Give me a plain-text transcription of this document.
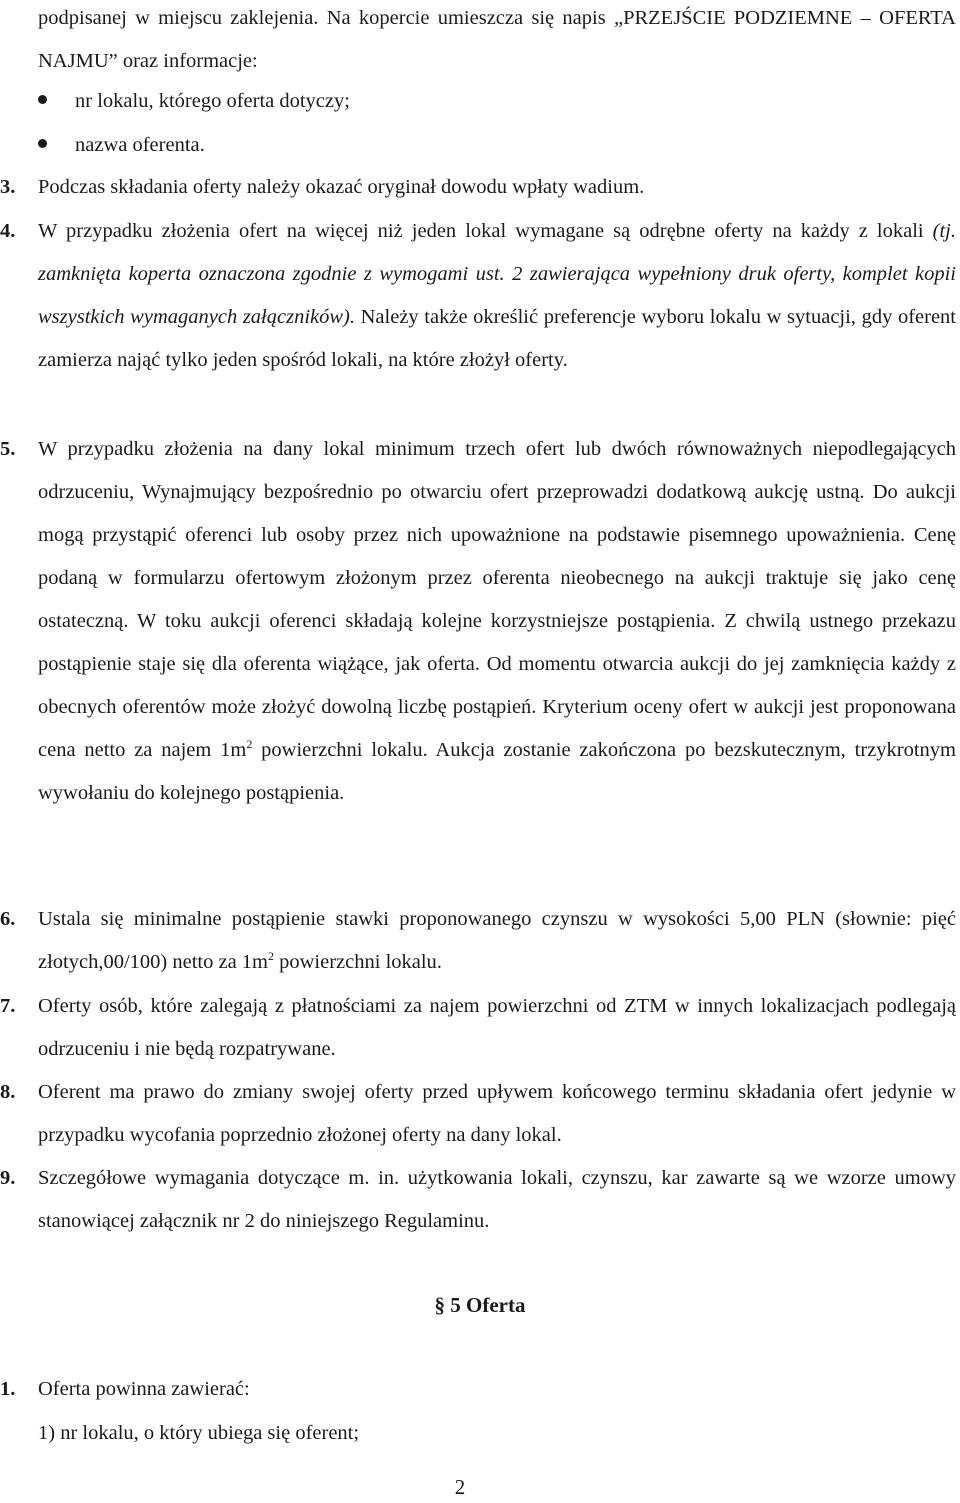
podpisanej w miejscu zaklejenia. Na kopercie umieszcza się napis „PRZEJŚCIE PODZIEMNE – OFERTA NAJMU” oraz informacje:

nr lokalu, którego oferta dotyczy;
nazwa oferenta.

3. Podczas składania oferty należy okazać oryginał dowodu wpłaty wadium.

4. W przypadku złożenia ofert na więcej niż jeden lokal wymagane są odrębne oferty na każdy z lokali (tj. zamknięta koperta oznaczona zgodnie z wymogami ust. 2 zawierająca wypełniony druk oferty, komplet kopii wszystkich wymaganych załączników). Należy także określić preferencje wyboru lokalu w sytuacji, gdy oferent zamierza nająć tylko jeden spośród lokali, na które złożył oferty.

5. W przypadku złożenia na dany lokal minimum trzech ofert lub dwóch równoważnych niepodlegających odrzuceniu, Wynajmujący bezpośrednio po otwarciu ofert przeprowadzi dodatkową aukcję ustną. Do aukcji mogą przystąpić oferenci lub osoby przez nich upoważnione na podstawie pisemnego upoważnienia. Cenę podaną w formularzu ofertowym złożonym przez oferenta nieobecnego na aukcji traktuje się jako cenę ostateczną. W toku aukcji oferenci składają kolejne korzystniejsze postąpienia. Z chwilą ustnego przekazu postąpienie staje się dla oferenta wiążące, jak oferta. Od momentu otwarcia aukcji do jej zamknięcia każdy z obecnych oferentów może złożyć dowolną liczbę postąpień. Kryterium oceny ofert w aukcji jest proponowana cena netto za najem $1m^2$ powierzchni lokalu. Aukcja zostanie zakończona po bezskutecznym, trzykrotnym wywołaniu do kolejnego postąpienia.

6. Ustala się minimalne postąpienie stawki proponowanego czynszu w wysokości 5,00 PLN (słownie: pięć złotych,00/100) netto za $1m^2$ powierzchni lokalu.

7. Oferty osób, które zalegają z płatnościami za najem powierzchni od ZTM w innych lokalizacjach podlegają odrzuceniu i nie będą rozpatrywane.

8. Oferent ma prawo do zmiany swojej oferty przed upływem końcowego terminu składania ofert jedynie w przypadku wycofania poprzednio złożonej oferty na dany lokal.

9. Szczegółowe wymagania dotyczące m. in. użytkowania lokali, czynszu, kar zawarte są we wzorze umowy stanowiącej załącznik nr 2 do niniejszego Regulaminu.

§ 5 Oferta
1. Oferta powinna zawierać:
1) nr lokalu, o który ubiega się oferent;
2
